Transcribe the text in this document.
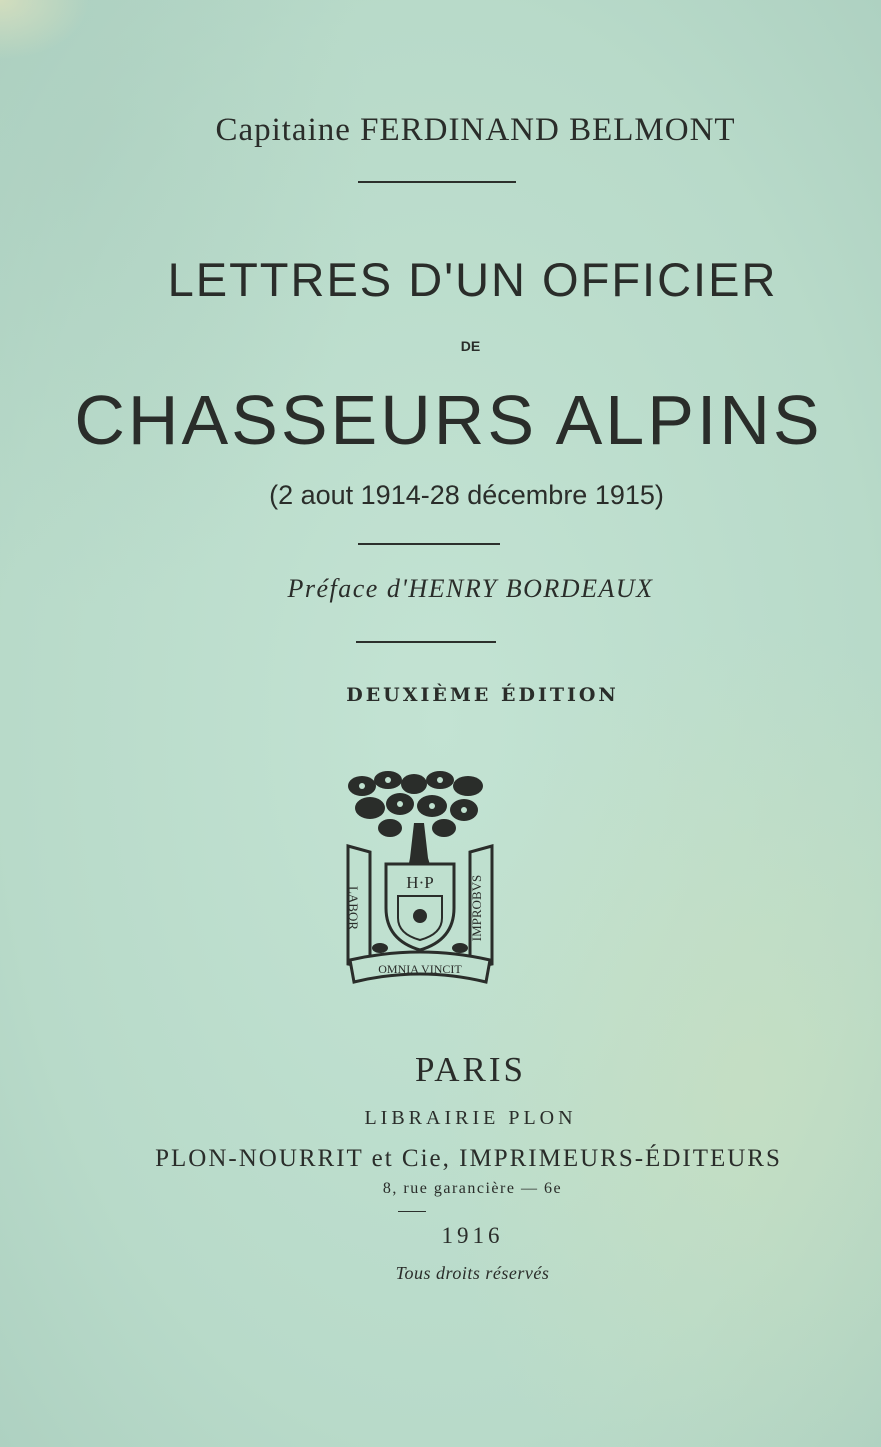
Capitaine FERDINAND BELMONT
LETTRES D'UN OFFICIER
DE
CHASSEURS ALPINS
(2 aout 1914-28 décembre 1915)
Préface d'HENRY BORDEAUX
DEUXIÈME ÉDITION
LABOR	IMPROBVS
OMNIA VINCIT
H·P
PARIS
LIBRAIRIE PLON
PLON-NOURRIT et Cie, IMPRIMEURS-ÉDITEURS
8, rue garancière — 6e
1916
Tous droits réservés
